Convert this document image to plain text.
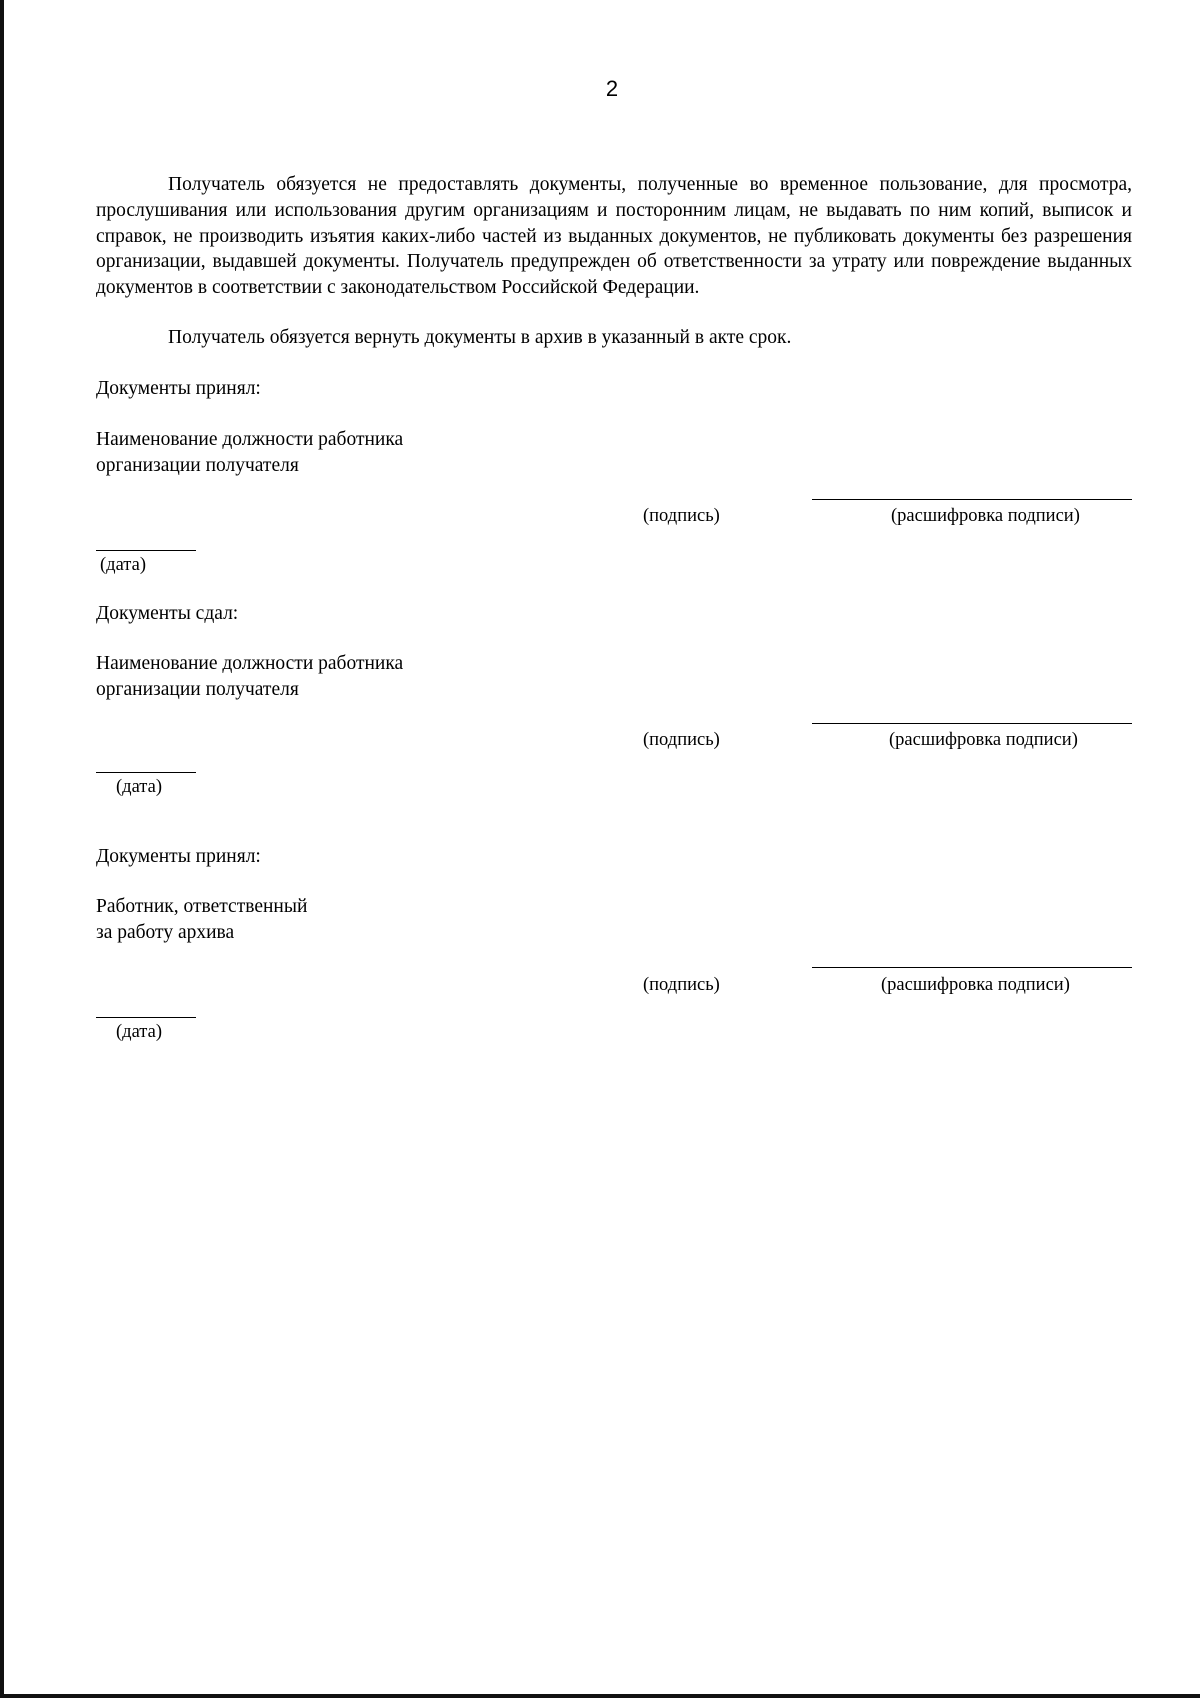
2

Получатель обязуется не предоставлять документы, полученные во временное пользование, для просмотра, прослушивания или использования другим организациям и посторонним лицам, не выдавать по ним копий, выписок и справок, не производить изъятия каких-либо частей из выданных документов, не публиковать документы без разрешения организации, выдавшей документы. Получатель предупрежден об ответственности за утрату или повреждение выданных документов в соответствии с законодательством Российской Федерации.

Получатель обязуется вернуть документы в архив в указанный в акте срок.

Документы принял:
Наименование должности работника
организации получателя
(подпись)	(расшифровка подписи)
(дата)
Документы сдал:
Наименование должности работника
организации получателя
(подпись)	(расшифровка подписи)
(дата)
Документы принял:
Работник, ответственный
за работу архива
(подпись)	(расшифровка подписи)
(дата)
